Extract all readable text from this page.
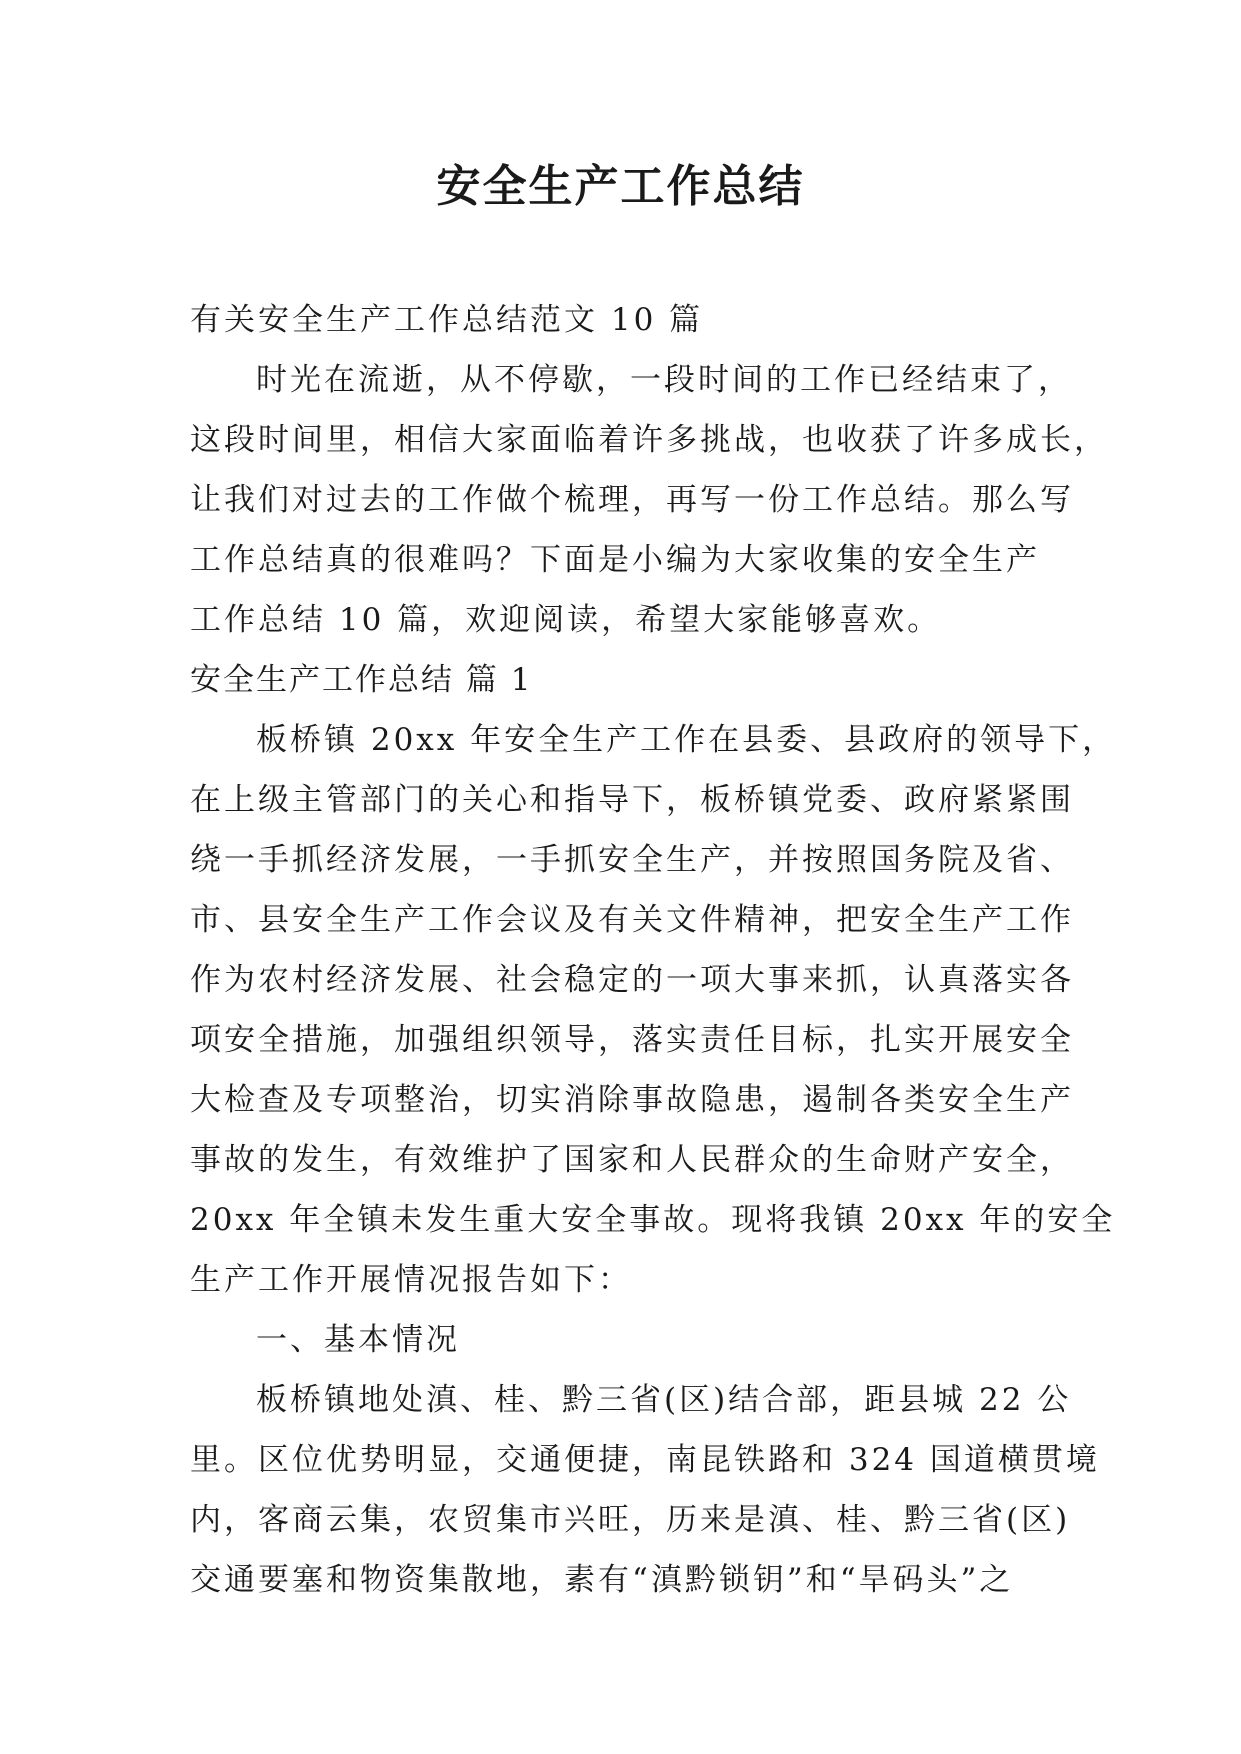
安全生产工作总结

有关安全生产工作总结范文 10 篇

时光在流逝，从不停歇，一段时间的工作已经结束了，

这段时间里，相信大家面临着许多挑战，也收获了许多成长，

让我们对过去的工作做个梳理，再写一份工作总结。那么写

工作总结真的很难吗？下面是小编为大家收集的安全生产

工作总结 10 篇，欢迎阅读，希望大家能够喜欢。

安全生产工作总结 篇 1

板桥镇 20xx 年安全生产工作在县委、县政府的领导下，

在上级主管部门的关心和指导下，板桥镇党委、政府紧紧围

绕一手抓经济发展，一手抓安全生产，并按照国务院及省、

市、县安全生产工作会议及有关文件精神，把安全生产工作

作为农村经济发展、社会稳定的一项大事来抓，认真落实各

项安全措施，加强组织领导，落实责任目标，扎实开展安全

大检查及专项整治，切实消除事故隐患，遏制各类安全生产

事故的发生，有效维护了国家和人民群众的生命财产安全，

20xx 年全镇未发生重大安全事故。现将我镇 20xx 年的安全

生产工作开展情况报告如下：

一、基本情况

板桥镇地处滇、桂、黔三省(区)结合部，距县城 22 公

里。区位优势明显，交通便捷，南昆铁路和 324 国道横贯境

内，客商云集，农贸集市兴旺，历来是滇、桂、黔三省(区)

交通要塞和物资集散地，素有“滇黔锁钥”和“旱码头”之
